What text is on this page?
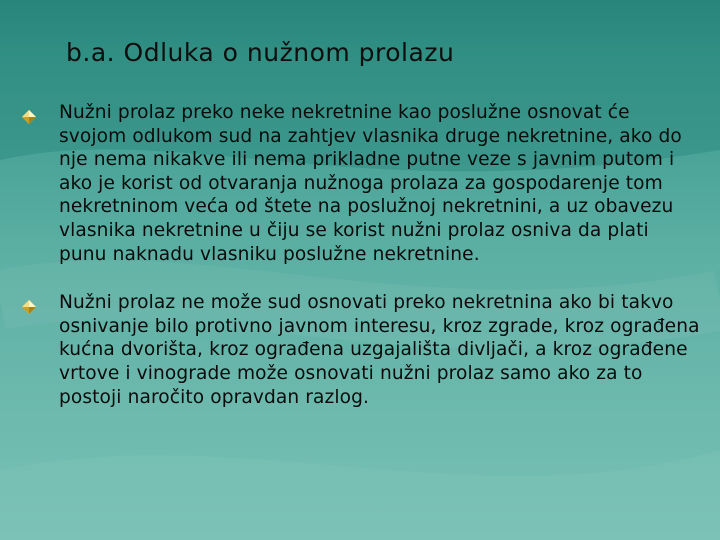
b.a. Odluka o nužnom prolazu
Nužni prolaz preko neke nekretnine kao poslužne osnovat će svojom odlukom sud na zahtjev vlasnika druge nekretnine, ako do nje nema nikakve ili nema prikladne putne veze s javnim putom i ako je korist od otvaranja nužnoga prolaza za gospodarenje tom nekretninom veća od štete na poslužnoj nekretnini, a uz obavezu vlasnika nekretnine u čiju se korist nužni prolaz osniva da plati punu naknadu vlasniku poslužne nekretnine.
Nužni prolaz ne može sud osnovati preko nekretnina ako bi takvo osnivanje bilo protivno javnom interesu, kroz zgrade, kroz ograđena kućna dvorišta, kroz ograđena uzgajališta divljači, a kroz ograđene vrtove i vinograde može osnovati nužni prolaz samo ako za to postoji naročito opravdan razlog.
